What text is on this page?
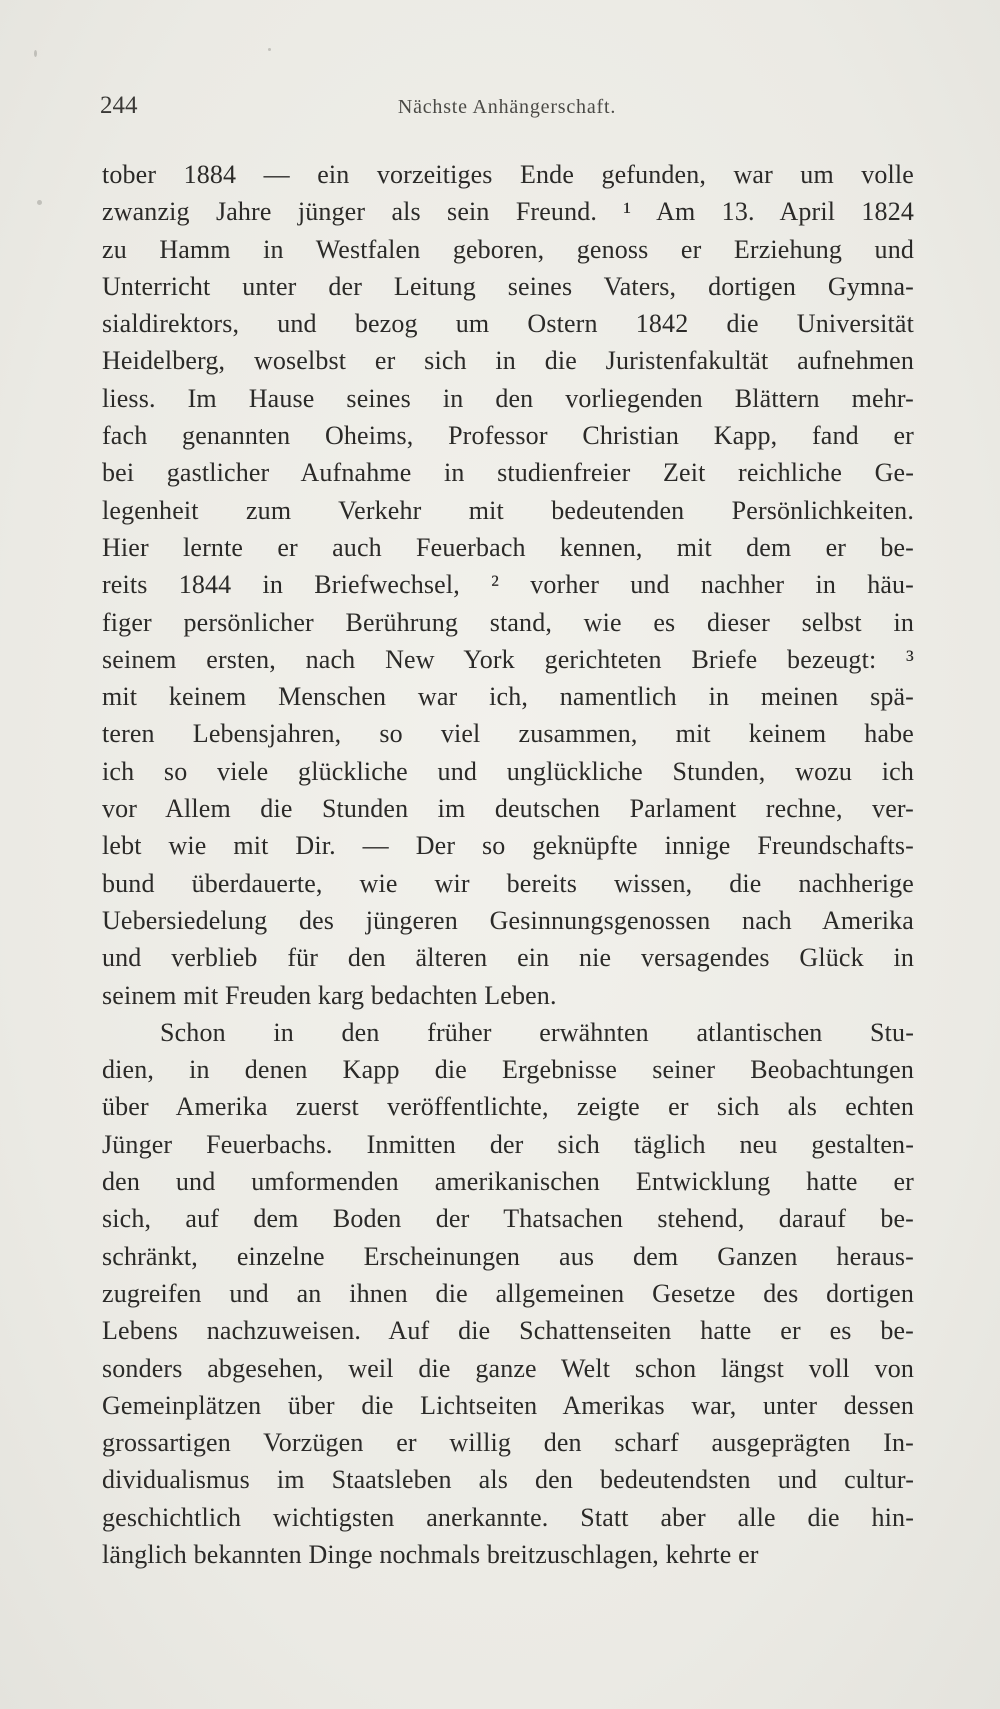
244	Nächste Anhängerschaft.
tober 1884 — ein vorzeitiges Ende gefunden, war um volle
zwanzig Jahre jünger als sein Freund. ¹ Am 13. April 1824
zu Hamm in Westfalen geboren, genoss er Erziehung und
Unterricht unter der Leitung seines Vaters, dortigen Gymna-
sialdirektors, und bezog um Ostern 1842 die Universität
Heidelberg, woselbst er sich in die Juristenfakultät aufnehmen
liess. Im Hause seines in den vorliegenden Blättern mehr-
fach genannten Oheims, Professor Christian Kapp, fand er
bei gastlicher Aufnahme in studienfreier Zeit reichliche Ge-
legenheit zum Verkehr mit bedeutenden Persönlichkeiten.
Hier lernte er auch Feuerbach kennen, mit dem er be-
reits 1844 in Briefwechsel, ² vorher und nachher in häu-
figer persönlicher Berührung stand, wie es dieser selbst in
seinem ersten, nach New York gerichteten Briefe bezeugt: ³
mit keinem Menschen war ich, namentlich in meinen spä-
teren Lebensjahren, so viel zusammen, mit keinem habe
ich so viele glückliche und unglückliche Stunden, wozu ich
vor Allem die Stunden im deutschen Parlament rechne, ver-
lebt wie mit Dir. — Der so geknüpfte innige Freundschafts-
bund überdauerte, wie wir bereits wissen, die nachherige
Uebersiedelung des jüngeren Gesinnungsgenossen nach Amerika
und verblieb für den älteren ein nie versagendes Glück in
seinem mit Freuden karg bedachten Leben.
Schon in den früher erwähnten atlantischen Stu-
dien, in denen Kapp die Ergebnisse seiner Beobachtungen
über Amerika zuerst veröffentlichte, zeigte er sich als echten
Jünger Feuerbachs. Inmitten der sich täglich neu gestalten-
den und umformenden amerikanischen Entwicklung hatte er
sich, auf dem Boden der Thatsachen stehend, darauf be-
schränkt, einzelne Erscheinungen aus dem Ganzen heraus-
zugreifen und an ihnen die allgemeinen Gesetze des dortigen
Lebens nachzuweisen. Auf die Schattenseiten hatte er es be-
sonders abgesehen, weil die ganze Welt schon längst voll von
Gemeinplätzen über die Lichtseiten Amerikas war, unter dessen
grossartigen Vorzügen er willig den scharf ausgeprägten In-
dividualismus im Staatsleben als den bedeutendsten und cultur-
geschichtlich wichtigsten anerkannte. Statt aber alle die hin-
länglich bekannten Dinge nochmals breitzuschlagen, kehrte er
